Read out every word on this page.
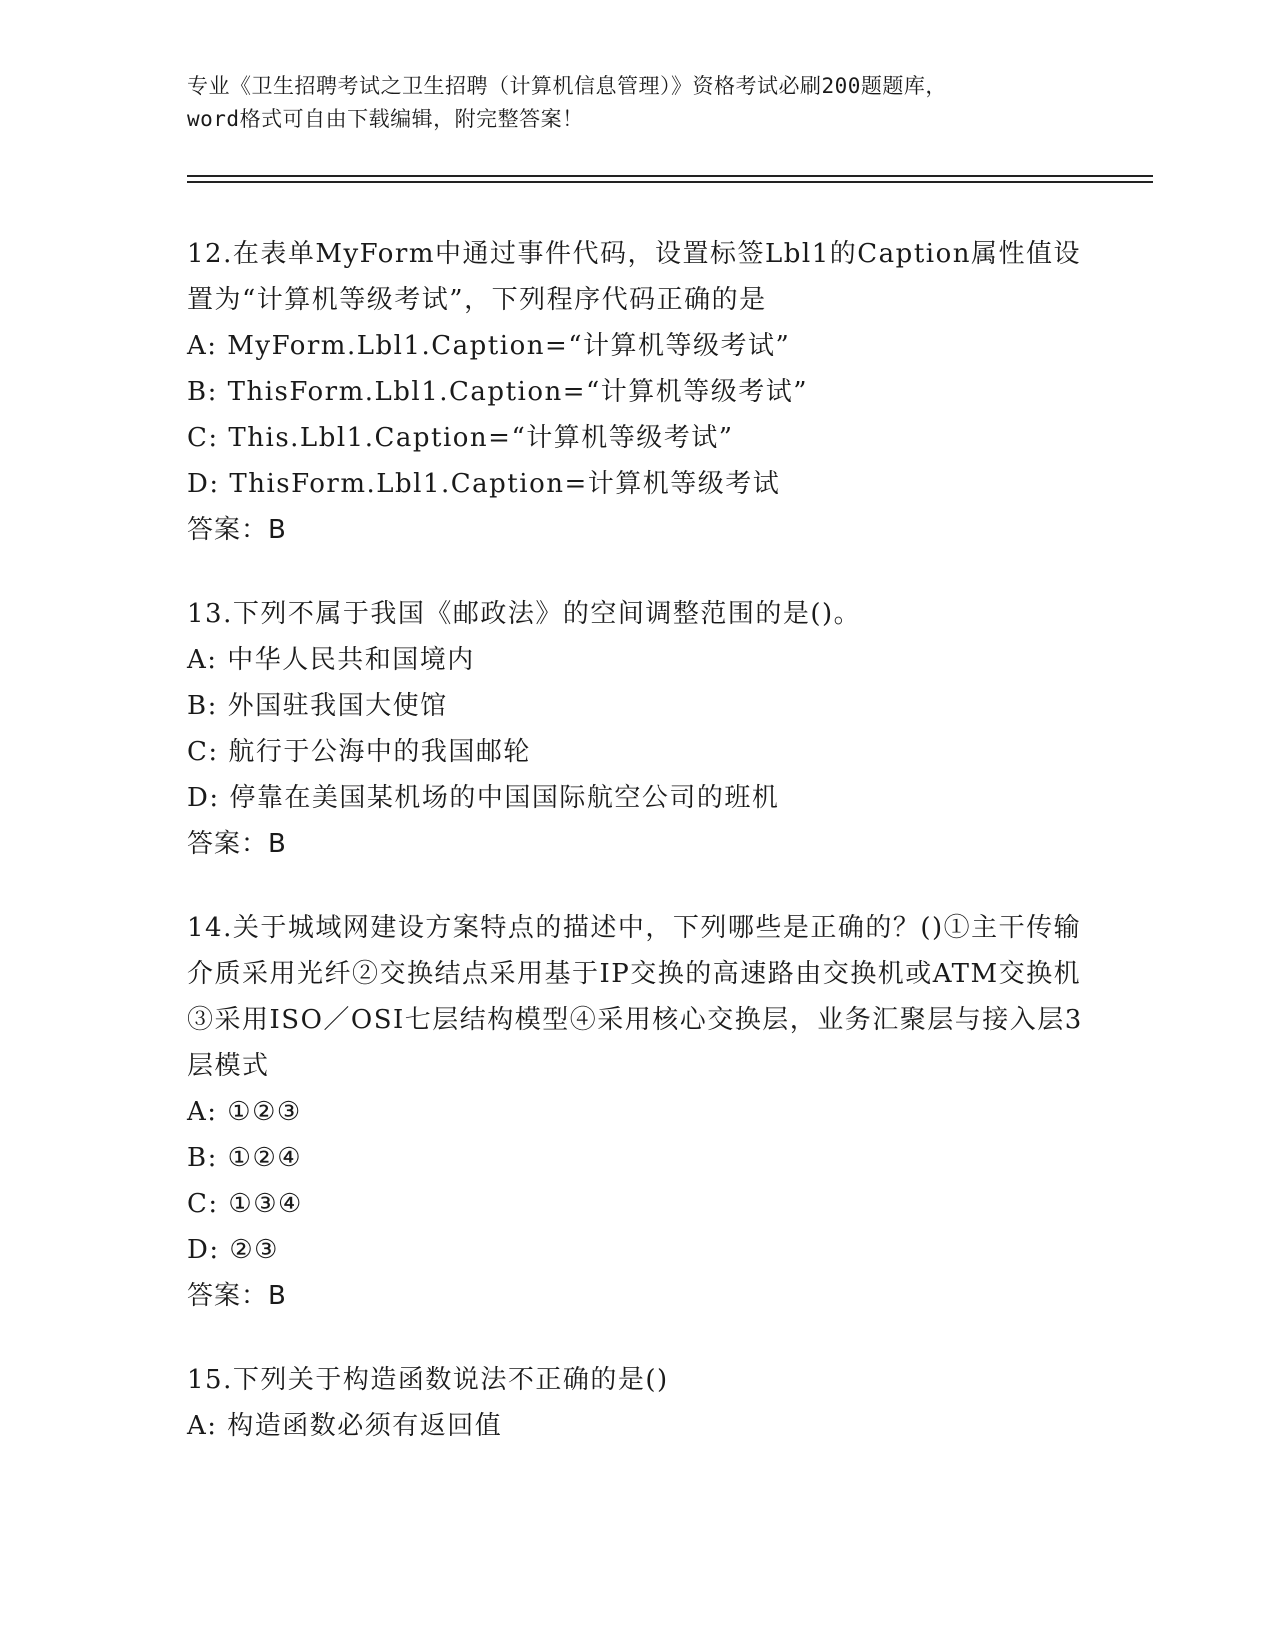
专业《卫生招聘考试之卫生招聘（计算机信息管理）》资格考试必刷200题题库，
word格式可自由下载编辑，附完整答案！

12.在表单MyForm中通过事件代码，设置标签Lbl1的Caption属性值设置为“计算机等级考试”，下列程序代码正确的是

A: MyForm.Lbl1.Caption=“计算机等级考试”

B: ThisForm.Lbl1.Caption=“计算机等级考试”

C: This.Lbl1.Caption=“计算机等级考试”

D: ThisForm.Lbl1.Caption=计算机等级考试

答案：B

13.下列不属于我国《邮政法》的空间调整范围的是()。

A: 中华人民共和国境内

B: 外国驻我国大使馆

C: 航行于公海中的我国邮轮

D: 停靠在美国某机场的中国国际航空公司的班机

答案：B

14.关于城域网建设方案特点的描述中，下列哪些是正确的？()①主干传输介质采用光纤②交换结点采用基于IP交换的高速路由交换机或ATM交换机③采用ISO／OSI七层结构模型④采用核心交换层，业务汇聚层与接入层3层模式

A: ①②③

B: ①②④

C: ①③④

D: ②③

答案：B

15.下列关于构造函数说法不正确的是()

A: 构造函数必须有返回值
